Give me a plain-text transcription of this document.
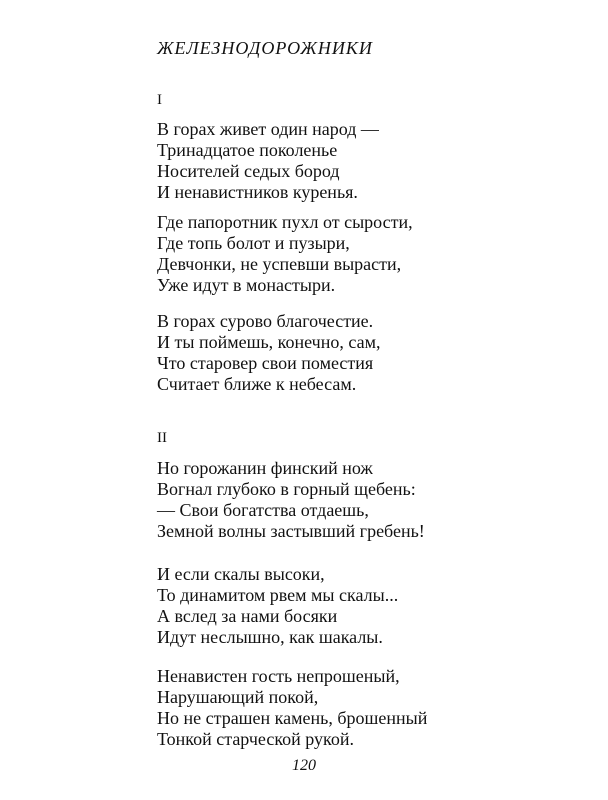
ЖЕЛЕЗНОДОРОЖНИКИ
I
В горах живет один народ —
Тринадцатое поколенье
Носителей седых бород
И ненавистников куренья.
Где папоротник пухл от сырости,
Где топь болот и пузыри,
Девчонки, не успевши вырасти,
Уже идут в монастыри.
В горах сурово благочестие.
И ты поймешь, конечно, сам,
Что старовер свои поместия
Считает ближе к небесам.
II
Но горожанин финский нож
Вогнал глубоко в горный щебень:
— Свои богатства отдаешь,
Земной волны застывший гребень!
И если скалы высоки,
То динамитом рвем мы скалы...
А вслед за нами босяки
Идут неслышно, как шакалы.
Ненавистен гость непрошеный,
Нарушающий покой,
Но не страшен камень, брошенный
Тонкой старческой рукой.
120
